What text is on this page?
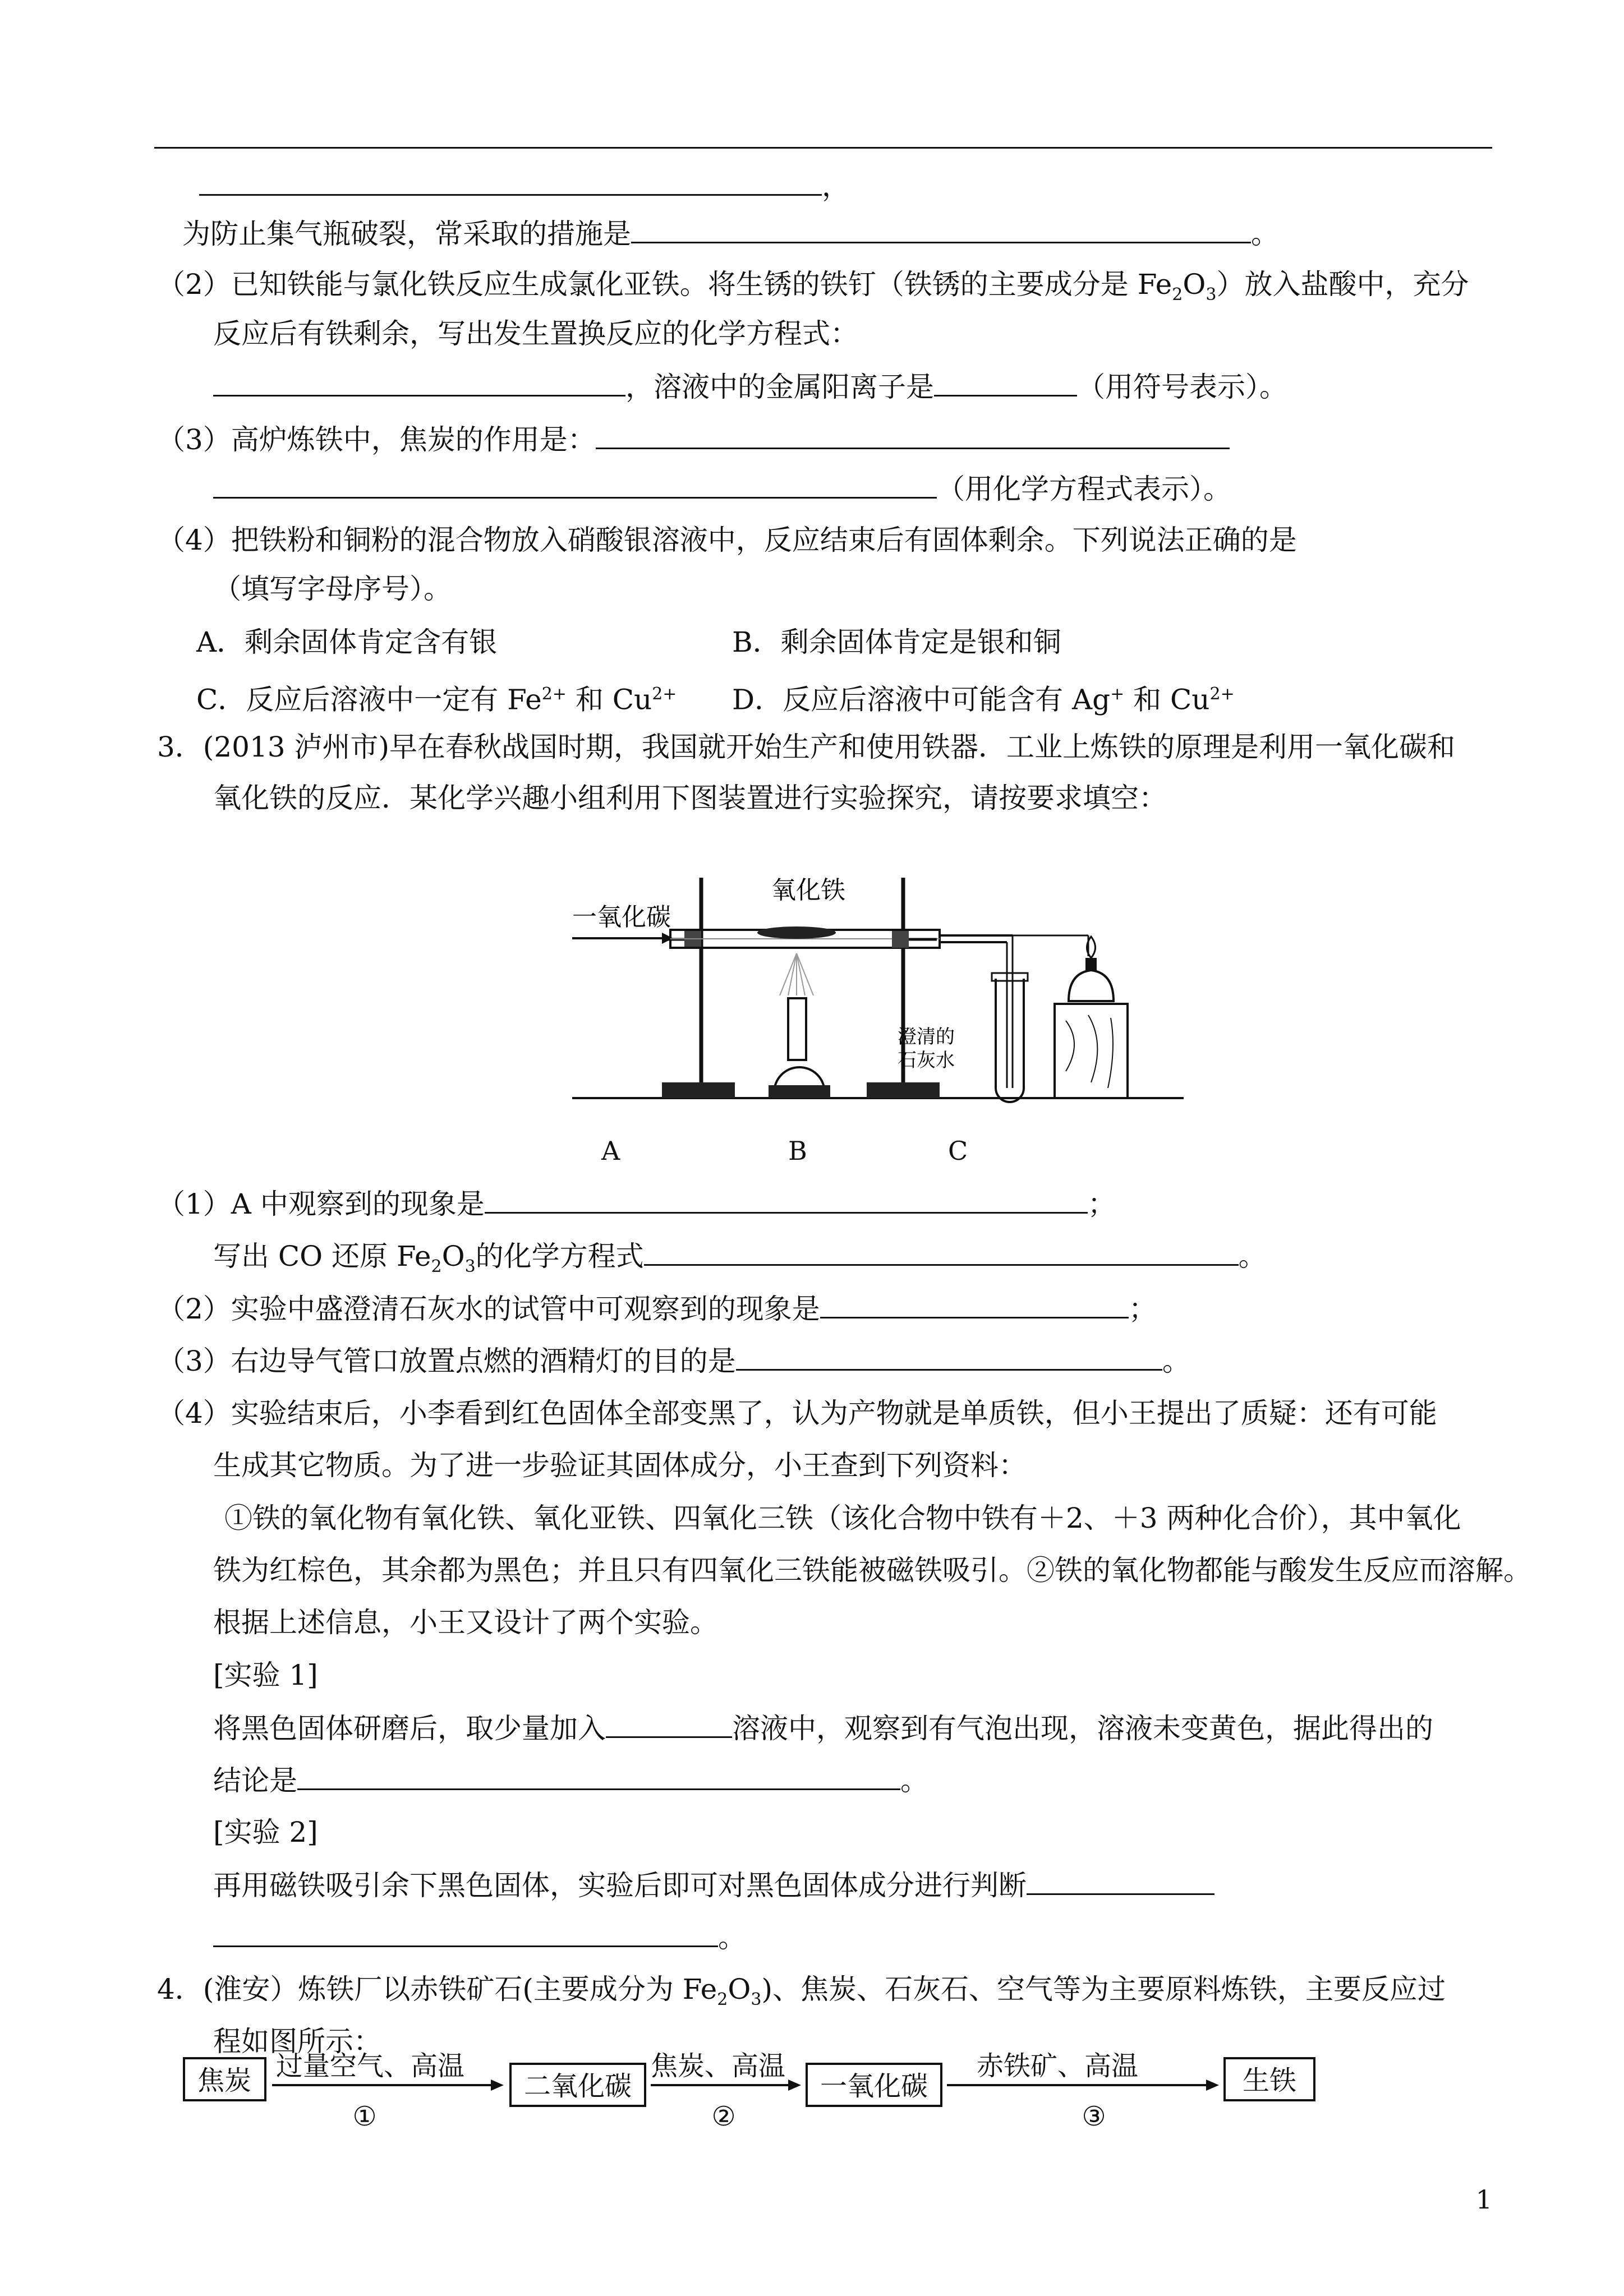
，
为防止集气瓶破裂，常采取的措施是	。
（2）已知铁能与氯化铁反应生成氯化亚铁。将生锈的铁钉（铁锈的主要成分是 $Fe_2O_3$）放入盐酸中，充分
反应后有铁剩余，写出发生置换反应的化学方程式：
，溶液中的金属阳离子是	（用符号表示）。
（3）高炉炼铁中，焦炭的作用是：
（用化学方程式表示）。
（4）把铁粉和铜粉的混合物放入硝酸银溶液中，反应结束后有固体剩余。下列说法正确的是
（填写字母序号）。
A．剩余固体肯定含有银	B．剩余固体肯定是银和铜
C．反应后溶液中一定有 $Fe^{2+}$ 和 $Cu^{2+}$ D．反应后溶液中可能含有 Ag+ 和 $Cu^{2+}$
3．(2013 泸州市)早在春秋战国时期，我国就开始生产和使用铁器．工业上炼铁的原理是利用一氧化碳和
氧化铁的反应．某化学兴趣小组利用下图装置进行实验探究，请按要求填空：
一氧化碳
氧化铁
澄清的
石灰水
A	B	C
（1）A 中观察到的现象是	；
写出 CO 还原 $Fe_2O_3$的化学方程式	。
（2）实验中盛澄清石灰水的试管中可观察到的现象是	；
（3）右边导气管口放置点燃的酒精灯的目的是	。
（4）实验结束后，小李看到红色固体全部变黑了，认为产物就是单质铁，但小王提出了质疑：还有可能
生成其它物质。为了进一步验证其固体成分，小王查到下列资料：
①铁的氧化物有氧化铁、氧化亚铁、四氧化三铁（该化合物中铁有＋2、＋3 两种化合价），其中氧化
铁为红棕色，其余都为黑色；并且只有四氧化三铁能被磁铁吸引。②铁的氧化物都能与酸发生反应而溶解。
根据上述信息，小王又设计了两个实验。
[实验 1]
将黑色固体研磨后，取少量加入	溶液中，观察到有气泡出现，溶液未变黄色，据此得出的
结论是	。
[实验 2]
再用磁铁吸引余下黑色固体，实验后即可对黑色固体成分进行判断
。
4．(淮安）炼铁厂以赤铁矿石(主要成分为 $Fe_2O_3$)、焦炭、石灰石、空气等为主要原料炼铁，主要反应过
程如图所示：
焦炭 过量空气、高温
①
二氧化碳
焦炭、高温
②
一氧化碳
赤铁矿、高温
③
生铁
1
